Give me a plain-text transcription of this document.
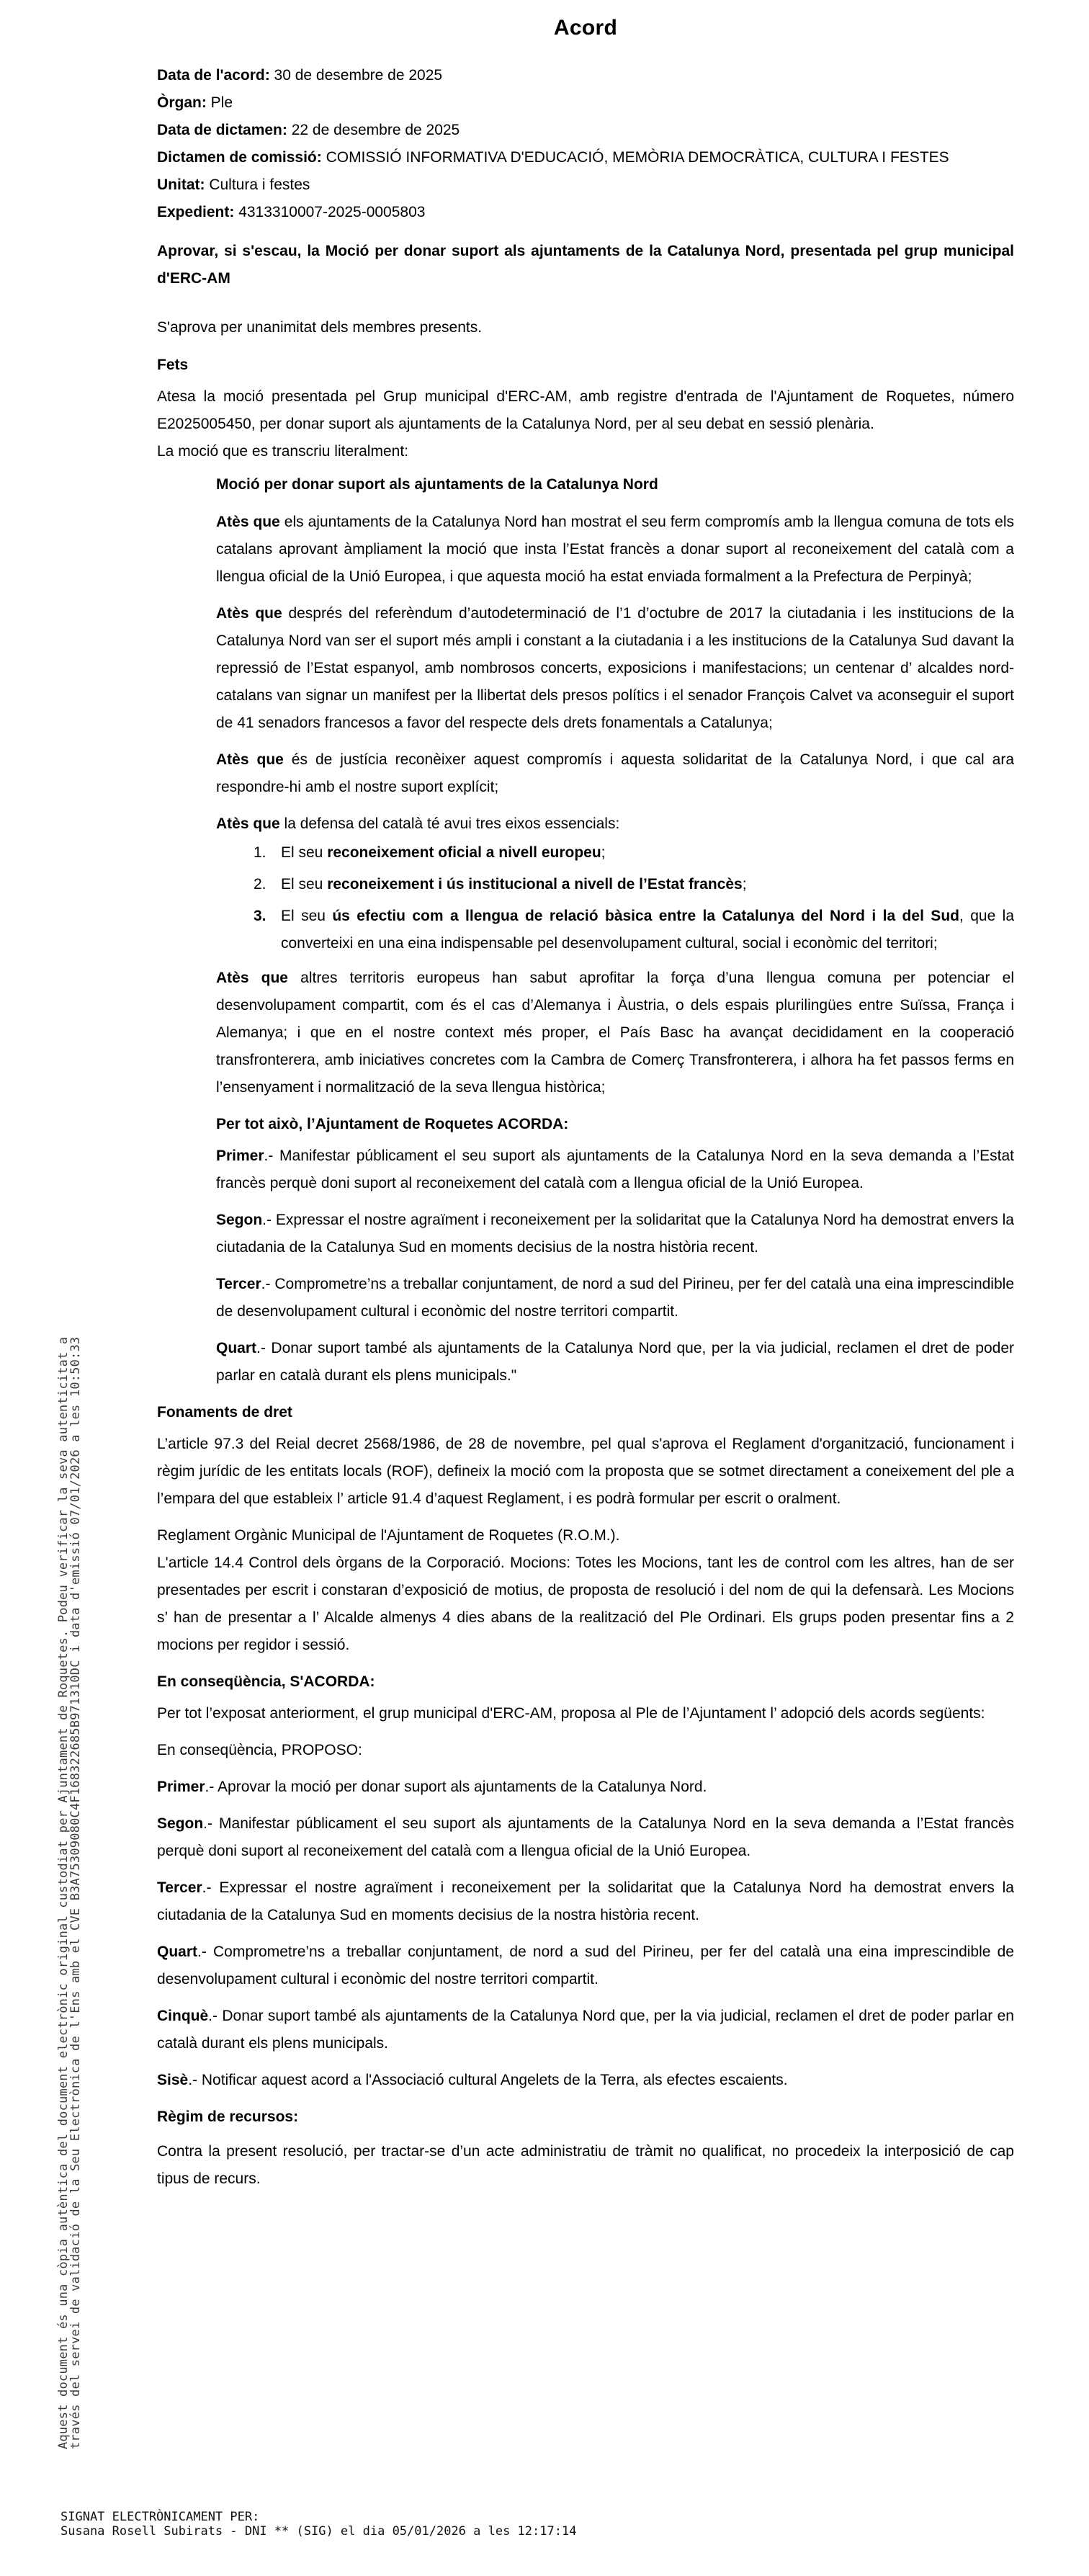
Aquest document és una còpia autèntica del document electrònic original custodiat per Ajuntament de Roquetes. Podeu verificar la seva autenticitat a
través del servei de validació de la Seu Electrònica de l'Ens amb el CVE B3A75309080C4F168322685B971310DC i data d'emissió 07/01/2026 a les 10:50:33
Acord
Data de l'acord: 30 de desembre de 2025
Òrgan: Ple
Data de dictamen: 22 de desembre de 2025
Dictamen de comissió: COMISSIÓ INFORMATIVA D'EDUCACIÓ, MEMÒRIA DEMOCRÀTICA, CULTURA I FESTES
Unitat: Cultura i festes
Expedient: 4313310007-2025-0005803
Aprovar, si s'escau, la Moció per donar suport als ajuntaments de la Catalunya Nord, presentada pel grup municipal d'ERC-AM
S'aprova per unanimitat dels membres presents.
Fets
Atesa la moció presentada pel Grup municipal d'ERC-AM, amb registre d'entrada de l'Ajuntament de Roquetes, número E2025005450, per donar suport als ajuntaments de la Catalunya Nord, per al seu debat en sessió plenària.
La moció que es transcriu literalment:
Moció per donar suport als ajuntaments de la Catalunya Nord
Atès que els ajuntaments de la Catalunya Nord han mostrat el seu ferm compromís amb la llengua comuna de tots els catalans aprovant àmpliament la moció que insta l’Estat francès a donar suport al reconeixement del català com a llengua oficial de la Unió Europea, i que aquesta moció ha estat enviada formalment a la Prefectura de Perpinyà;
Atès que després del referèndum d’autodeterminació de l’1 d’octubre de 2017 la ciutadania i les institucions de la Catalunya Nord van ser el suport més ampli i constant a la ciutadania i a les institucions de la Catalunya Sud davant la repressió de l’Estat espanyol, amb nombrosos concerts, exposicions i manifestacions; un centenar d’ alcaldes nord-catalans van signar un manifest per la llibertat dels presos polítics i el senador François Calvet va aconseguir el suport de 41 senadors francesos a favor del respecte dels drets fonamentals a Catalunya;
Atès que és de justícia reconèixer aquest compromís i aquesta solidaritat de la Catalunya Nord, i que cal ara respondre-hi amb el nostre suport explícit;
Atès que la defensa del català té avui tres eixos essencials:
1. El seu reconeixement oficial a nivell europeu;
2. El seu reconeixement i ús institucional a nivell de l’Estat francès;
3. El seu ús efectiu com a llengua de relació bàsica entre la Catalunya del Nord i la del Sud, que la converteixi en una eina indispensable pel desenvolupament cultural, social i econòmic del territori;
Atès que altres territoris europeus han sabut aprofitar la força d’una llengua comuna per potenciar el desenvolupament compartit, com és el cas d’Alemanya i Àustria, o dels espais plurilingües entre Suïssa, França i Alemanya; i que en el nostre context més proper, el País Basc ha avançat decididament en la cooperació transfronterera, amb iniciatives concretes com la Cambra de Comerç Transfronterera, i alhora ha fet passos ferms en l’ensenyament i normalització de la seva llengua històrica;
Per tot això, l’Ajuntament de Roquetes ACORDA:
Primer.- Manifestar públicament el seu suport als ajuntaments de la Catalunya Nord en la seva demanda a l’Estat francès perquè doni suport al reconeixement del català com a llengua oficial de la Unió Europea.
Segon.- Expressar el nostre agraïment i reconeixement per la solidaritat que la Catalunya Nord ha demostrat envers la ciutadania de la Catalunya Sud en moments decisius de la nostra història recent.
Tercer.- Comprometre’ns a treballar conjuntament, de nord a sud del Pirineu, per fer del català una eina imprescindible de desenvolupament cultural i econòmic del nostre territori compartit.
Quart.- Donar suport també als ajuntaments de la Catalunya Nord que, per la via judicial, reclamen el dret de poder parlar en català durant els plens municipals."
Fonaments de dret
L’article 97.3 del Reial decret 2568/1986, de 28 de novembre, pel qual s'aprova el Reglament d'organització, funcionament i règim jurídic de les entitats locals (ROF), defineix la moció com la proposta que se sotmet directament a coneixement del ple a l’empara del que estableix l’ article 91.4 d’aquest Reglament, i es podrà formular per escrit o oralment.
Reglament Orgànic Municipal de l'Ajuntament de Roquetes (R.O.M.).
L'article 14.4 Control dels òrgans de la Corporació. Mocions: Totes les Mocions, tant les de control com les altres, han de ser presentades per escrit i constaran d’exposició de motius, de proposta de resolució i del nom de qui la defensarà. Les Mocions s’ han de presentar a l’ Alcalde almenys 4 dies abans de la realització del Ple Ordinari. Els grups poden presentar fins a 2 mocions per regidor i sessió.
En conseqüència, S'ACORDA:
Per tot l’exposat anteriorment, el grup municipal d'ERC-AM, proposa al Ple de l’Ajuntament l’ adopció dels acords següents:
En conseqüència, PROPOSO:
Primer.- Aprovar la moció per donar suport als ajuntaments de la Catalunya Nord.
Segon.- Manifestar públicament el seu suport als ajuntaments de la Catalunya Nord en la seva demanda a l’Estat francès perquè doni suport al reconeixement del català com a llengua oficial de la Unió Europea.
Tercer.- Expressar el nostre agraïment i reconeixement per la solidaritat que la Catalunya Nord ha demostrat envers la ciutadania de la Catalunya Sud en moments decisius de la nostra història recent.
Quart.- Comprometre’ns a treballar conjuntament, de nord a sud del Pirineu, per fer del català una eina imprescindible de desenvolupament cultural i econòmic del nostre territori compartit.
Cinquè.- Donar suport també als ajuntaments de la Catalunya Nord que, per la via judicial, reclamen el dret de poder parlar en català durant els plens municipals.
Sisè.- Notificar aquest acord a l'Associació cultural Angelets de la Terra, als efectes escaients.
Règim de recursos:
Contra la present resolució, per tractar-se d’un acte administratiu de tràmit no qualificat, no procedeix la interposició de cap tipus de recurs.
SIGNAT ELECTRÒNICAMENT PER:
Susana Rosell Subirats - DNI ** (SIG) el dia 05/01/2026 a les 12:17:14
